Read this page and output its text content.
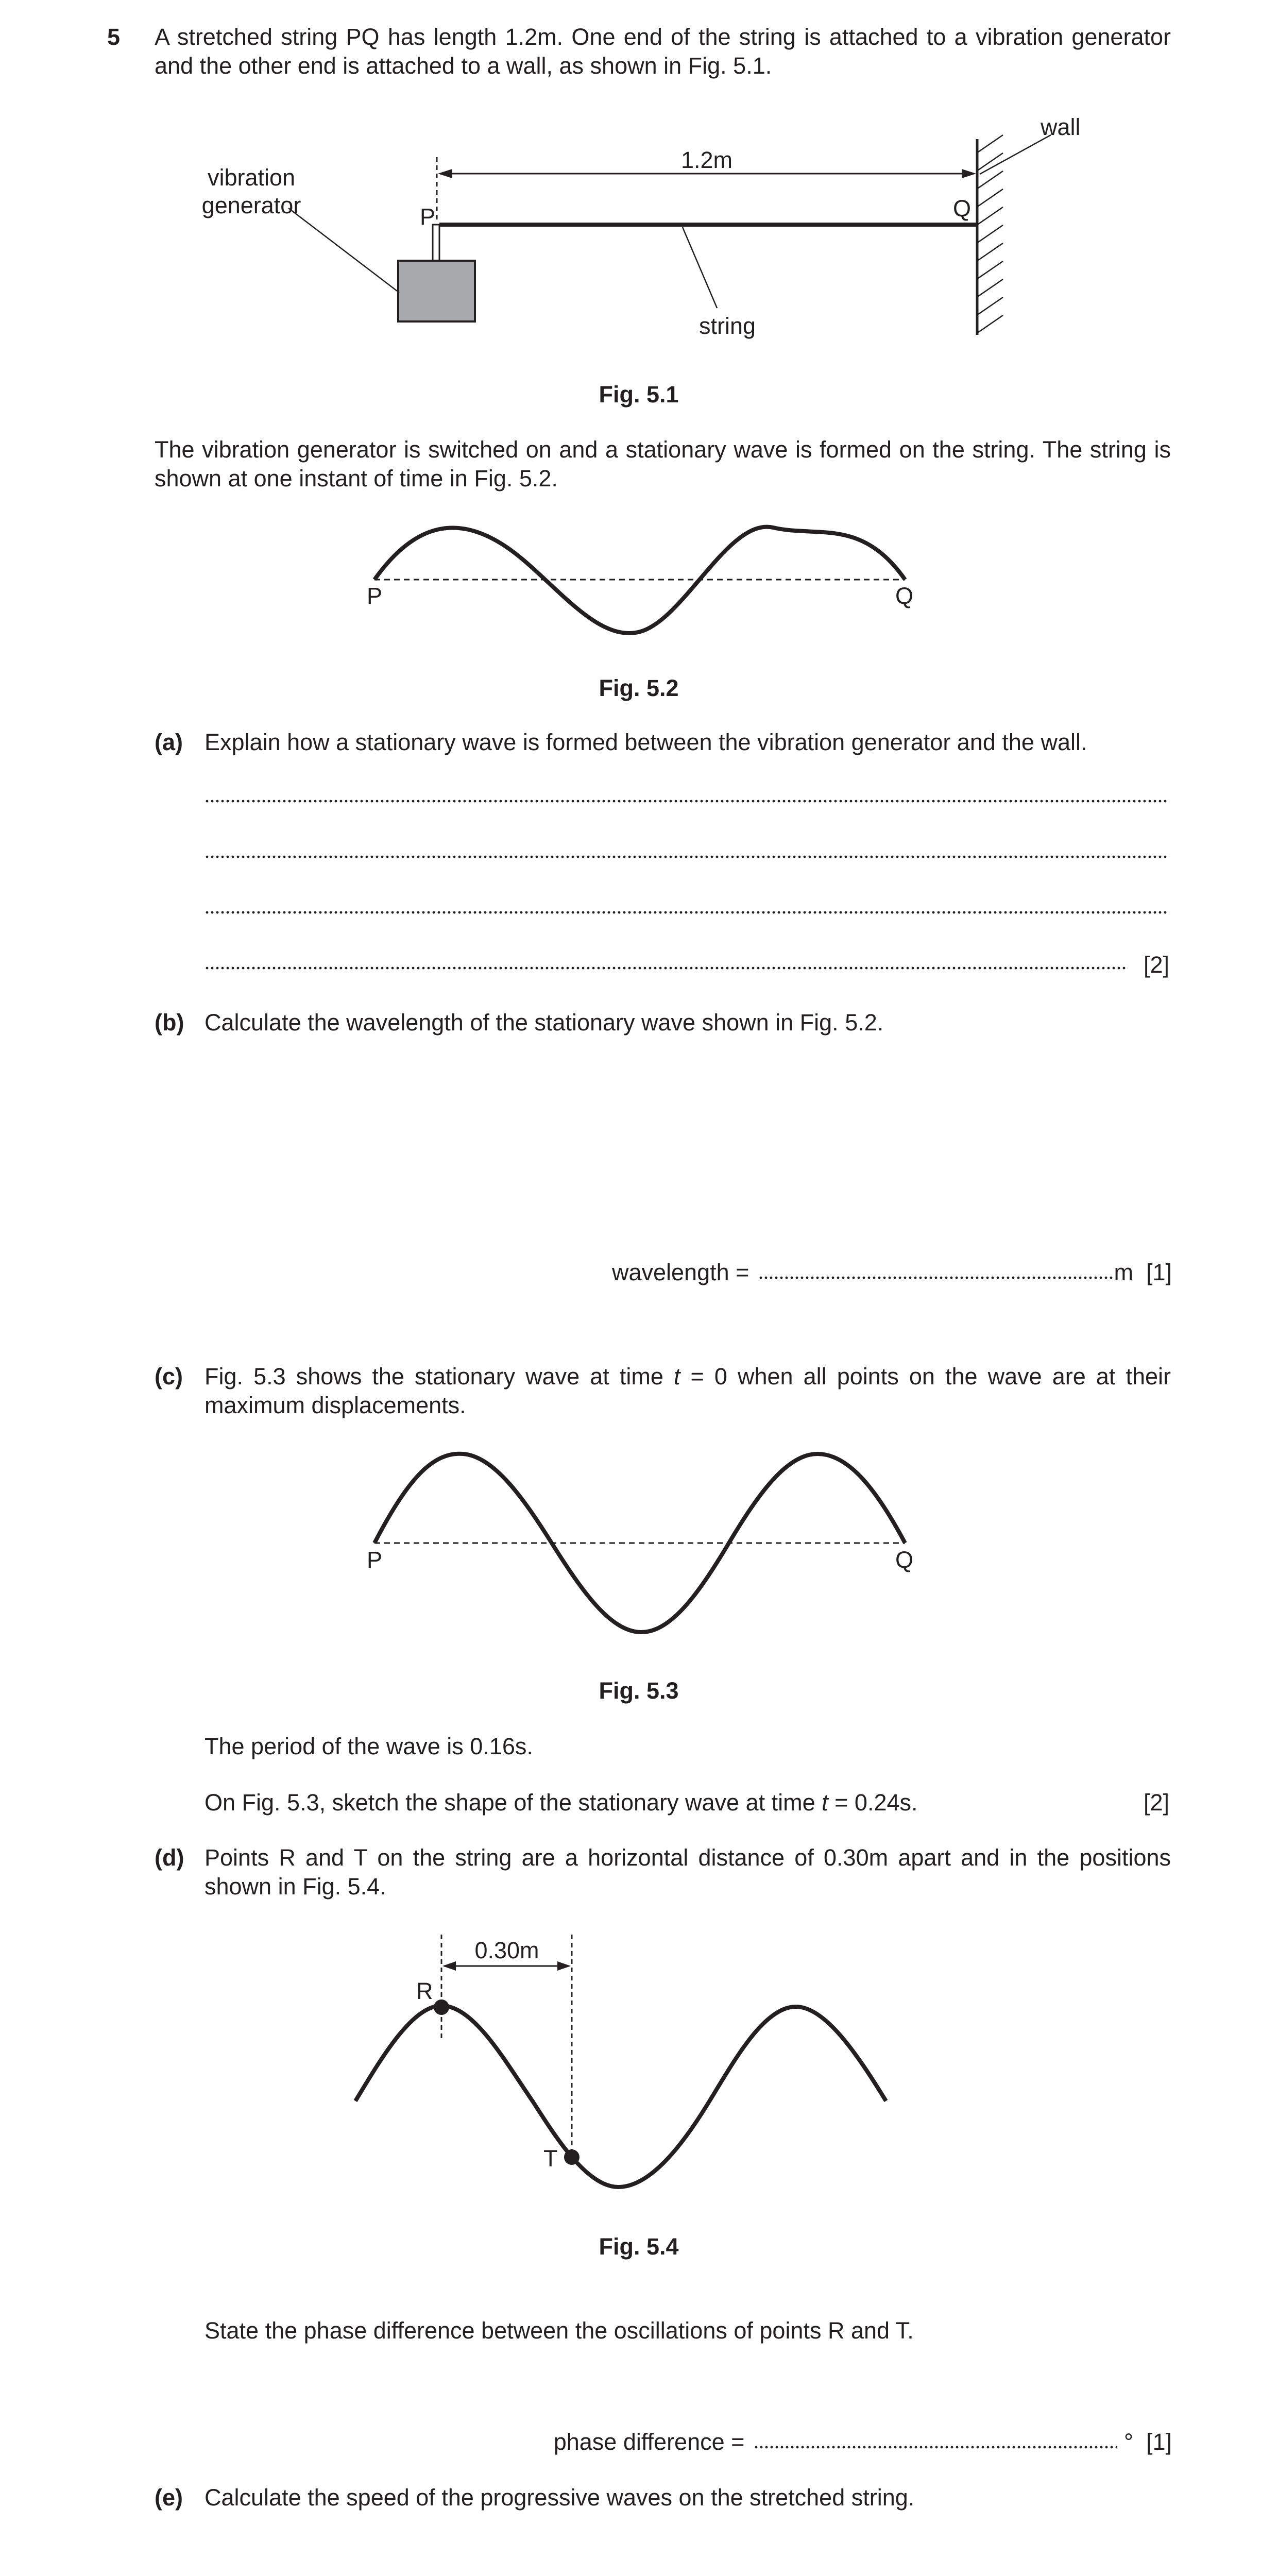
5 A stretched string PQ has length 1.2m. One end of the string is attached to a vibration generator and the other end is attached to a wall, as shown in Fig. 5.1.
wall
1.2m
vibration
generator	P	Q
string
Fig. 5.1
The vibration generator is switched on and a stationary wave is formed on the string. The string is shown at one instant of time in Fig. 5.2.
P	Q
Fig. 5.2
(a) Explain how a stationary wave is formed between the vibration generator and the wall.
[2]
(b) Calculate the wavelength of the stationary wave shown in Fig. 5.2.
wavelength =	m [1]
(c) Fig. 5.3 shows the stationary wave at time t = 0 when all points on the wave are at their maximum displacements.
P	Q
Fig. 5.3
The period of the wave is 0.16s.
On Fig. 5.3, sketch the shape of the stationary wave at time t = 0.24s.	[2]
(d) Points R and T on the string are a horizontal distance of 0.30m apart and in the positions shown in Fig. 5.4.
0.30m
R
T
Fig. 5.4
State the phase difference between the oscillations of points R and T.
phase difference =	° [1]
(e) Calculate the speed of the progressive waves on the stretched string.
